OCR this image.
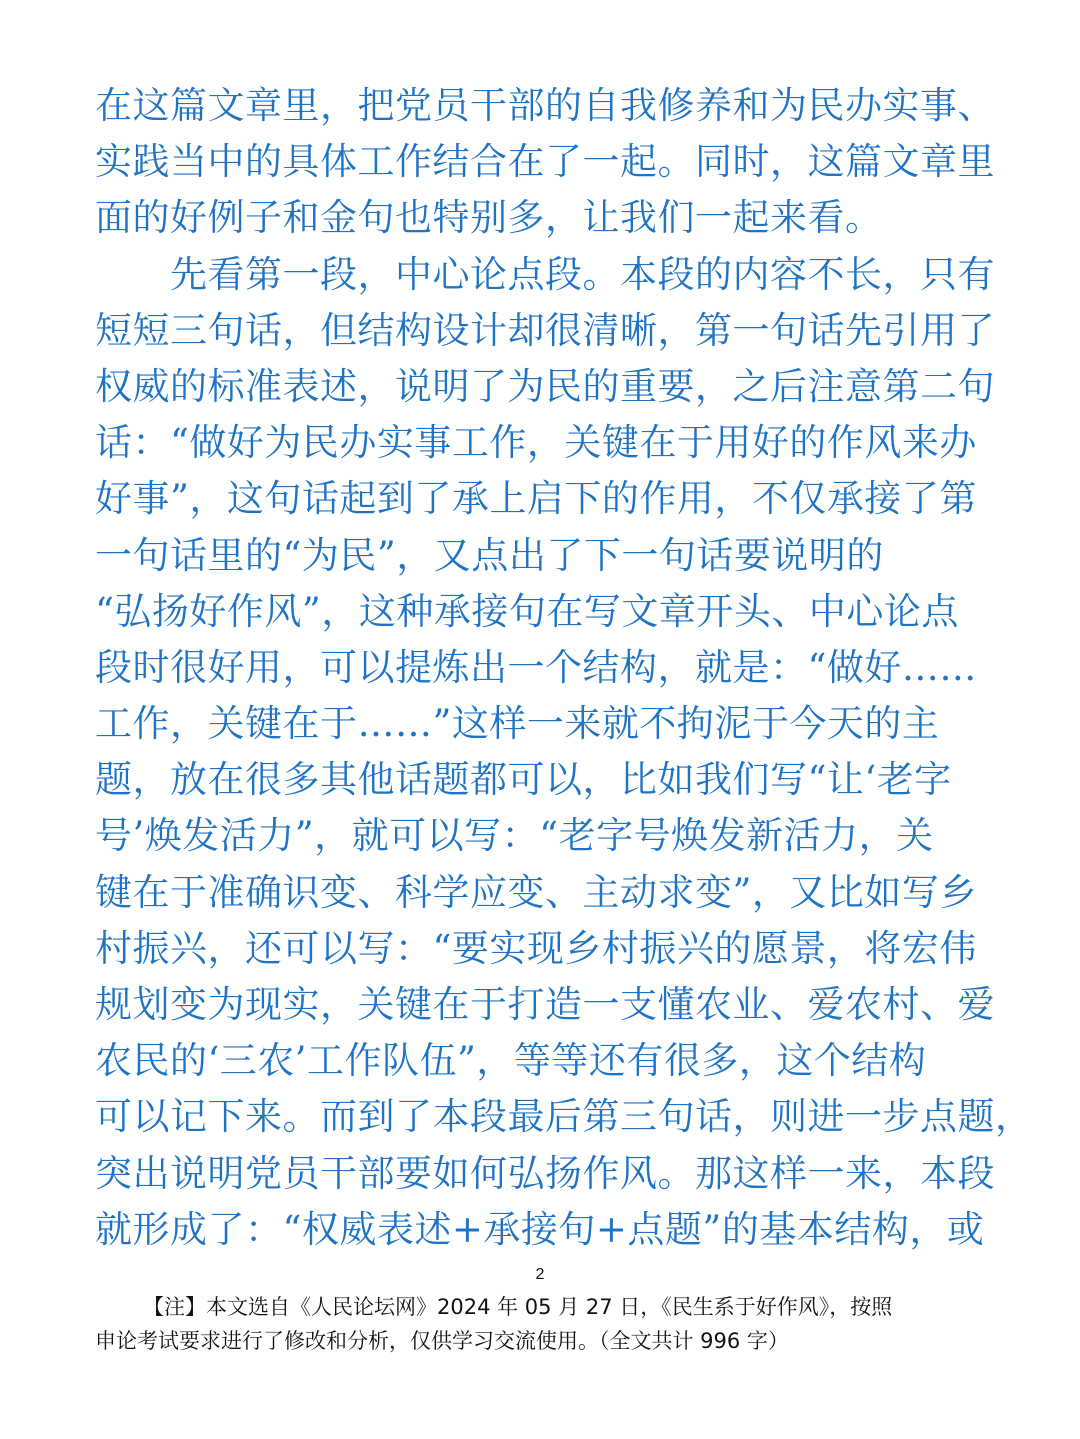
在这篇文章里，把党员干部的自我修养和为民办实事、
实践当中的具体工作结合在了一起。同时，这篇文章里
面的好例子和金句也特别多，让我们一起来看。
　　先看第一段，中心论点段。本段的内容不长，只有
短短三句话，但结构设计却很清晰，第一句话先引用了
权威的标准表述，说明了为民的重要，之后注意第二句
话：“做好为民办实事工作，关键在于用好的作风来办
好事”，这句话起到了承上启下的作用，不仅承接了第
一句话里的“为民”，又点出了下一句话要说明的
“弘扬好作风”，这种承接句在写文章开头、中心论点
段时很好用，可以提炼出一个结构，就是：“做好……
工作，关键在于……”这样一来就不拘泥于今天的主
题，放在很多其他话题都可以，比如我们写“让‘老字
号’焕发活力”，就可以写：“老字号焕发新活力，关
键在于准确识变、科学应变、主动求变”，又比如写乡
村振兴，还可以写：“要实现乡村振兴的愿景，将宏伟
规划变为现实，关键在于打造一支懂农业、爱农村、爱
农民的‘三农’工作队伍”，等等还有很多，这个结构
可以记下来。而到了本段最后第三句话，则进一步点题，
突出说明党员干部要如何弘扬作风。那这样一来，本段
就形成了：“权威表述+承接句+点题”的基本结构，或
2
【注】本文选自《人民论坛网》2024 年 05 月 27 日，《民生系于好作风》，按照
申论考试要求进行了修改和分析，仅供学习交流使用。（全文共计 996 字）
